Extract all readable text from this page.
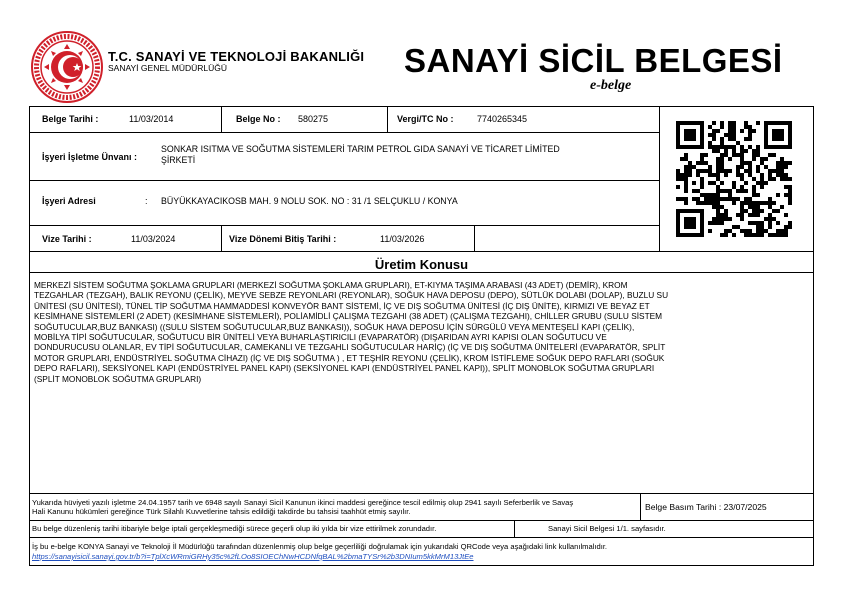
T.C. SANAYİ VE TEKNOLOJİ BAKANLIĞI
SANAYİ GENEL MÜDÜRLÜĞÜ	SANAYİ SİCİL BELGESİ
e-belge
Belge Tarihi :	11/03/2014	Belge No : 580275	Vergi/TC No :	7740265345
İşyeri İşletme Ünvanı :
SONKAR ISITMA VE SOĞUTMA SİSTEMLERİ TARIM PETROL GIDA SANAYİ VE TİCARET LİMİTED
ŞİRKETİ
İşyeri Adresi	: BÜYÜKKAYACIKOSB MAH. 9 NOLU SOK. NO : 31 /1 SELÇUKLU / KONYA
Vize Tarihi :	11/03/2024	Vize Dönemi Bitiş Tarihi :	11/03/2026
Üretim Konusu
MERKEZİ SİSTEM SOĞUTMA ŞOKLAMA GRUPLARI (MERKEZİ SOĞUTMA ŞOKLAMA GRUPLARI), ET-KIYMA TAŞIMA ARABASI (43 ADET) (DEMİR), KROM
TEZGAHLAR (TEZGAH), BALIK REYONU (ÇELİK), MEYVE SEBZE REYONLARI (REYONLAR), SOĞUK HAVA DEPOSU (DEPO), SÜTLÜK DOLABI (DOLAP), BUZLU SU
ÜNİTESİ (SU ÜNİTESİ), TÜNEL TİP SOĞUTMA HAMMADDESİ KONVEYÖR BANT SİSTEMİ, İÇ VE DIŞ SOĞUTMA ÜNİTESİ (İÇ DIŞ ÜNİTE), KIRMIZI VE BEYAZ ET
KESİMHANE SİSTEMLERİ (2 ADET) (KESİMHANE SİSTEMLERİ), POLİAMİDLİ ÇALIŞMA TEZGAHI (38 ADET) (ÇALIŞMA TEZGAHI), CHİLLER GRUBU (SULU SİSTEM
SOĞUTUCULAR,BUZ BANKASI) ((SULU SİSTEM SOĞUTUCULAR,BUZ BANKASI)), SOĞUK HAVA DEPOSU İÇİN SÜRGÜLÜ VEYA MENTEŞELİ KAPI (ÇELİK),
MOBİLYA TİPİ SOĞUTUCULAR, SOĞUTUCU BİR ÜNİTELİ VEYA BUHARLAŞTIRICILI (EVAPARATÖR) (DIŞARIDAN AYRI KAPISI OLAN SOĞUTUCU VE
DONDURUCUSU OLANLAR, EV TİPİ SOĞUTUCULAR, CAMEKANLI VE TEZGAHLI SOĞUTUCULAR HARİÇ) (İÇ VE DIŞ SOĞUTMA ÜNİTELERİ (EVAPARATÖR, SPLİT
MOTOR GRUPLARI, ENDÜSTRİYEL SOĞUTMA CİHAZI) (İÇ VE DIŞ SOĞUTMA ) , ET TEŞHİR REYONU (ÇELİK), KROM İSTİFLEME SOĞUK DEPO RAFLARI (SOĞUK
DEPO RAFLARI), SEKSİYONEL KAPI (ENDÜSTRİYEL PANEL KAPI) (SEKSİYONEL KAPI (ENDÜSTRİYEL PANEL KAPI)), SPLİT MONOBLOK SOĞUTMA GRUPLARI
(SPLİT MONOBLOK SOĞUTMA GRUPLARI)
Yukarıda hüviyeti yazılı işletme 24.04.1957 tarih ve 6948 sayılı Sanayi Sicil Kanunun ikinci maddesi gereğince tescil edilmiş olup 2941 sayılı Seferberlik ve Savaş
Hali Kanunu hükümleri gereğince Türk Silahlı Kuvvetlerine tahsis edildiği takdirde bu tahsisi taahhüt etmiş sayılır.	Belge Basım Tarihi : 23/07/2025
Bu belge düzenleniş tarihi itibariyle belge iptali gerçekleşmediği sürece geçerli olup iki yılda bir vize ettirilmek zorundadır.	Sanayi Sicil Belgesi 1/1. sayfasıdır.
İş bu e-belge KONYA Sanayi ve Teknoloji İl Müdürlüğü tarafından düzenlenmiş olup belge geçerliliği doğrulamak için yukarıdaki QRCode veya aşağıdaki link kullanılmalıdır.
https://sanayisicil.sanayi.gov.tr/b?i=TplXcWRmiGRHy35c%2fLOo8SIOEChNwHCDNfqBAL%2bmaTYSr%2b3DNIum5kkMrM13JtEe
